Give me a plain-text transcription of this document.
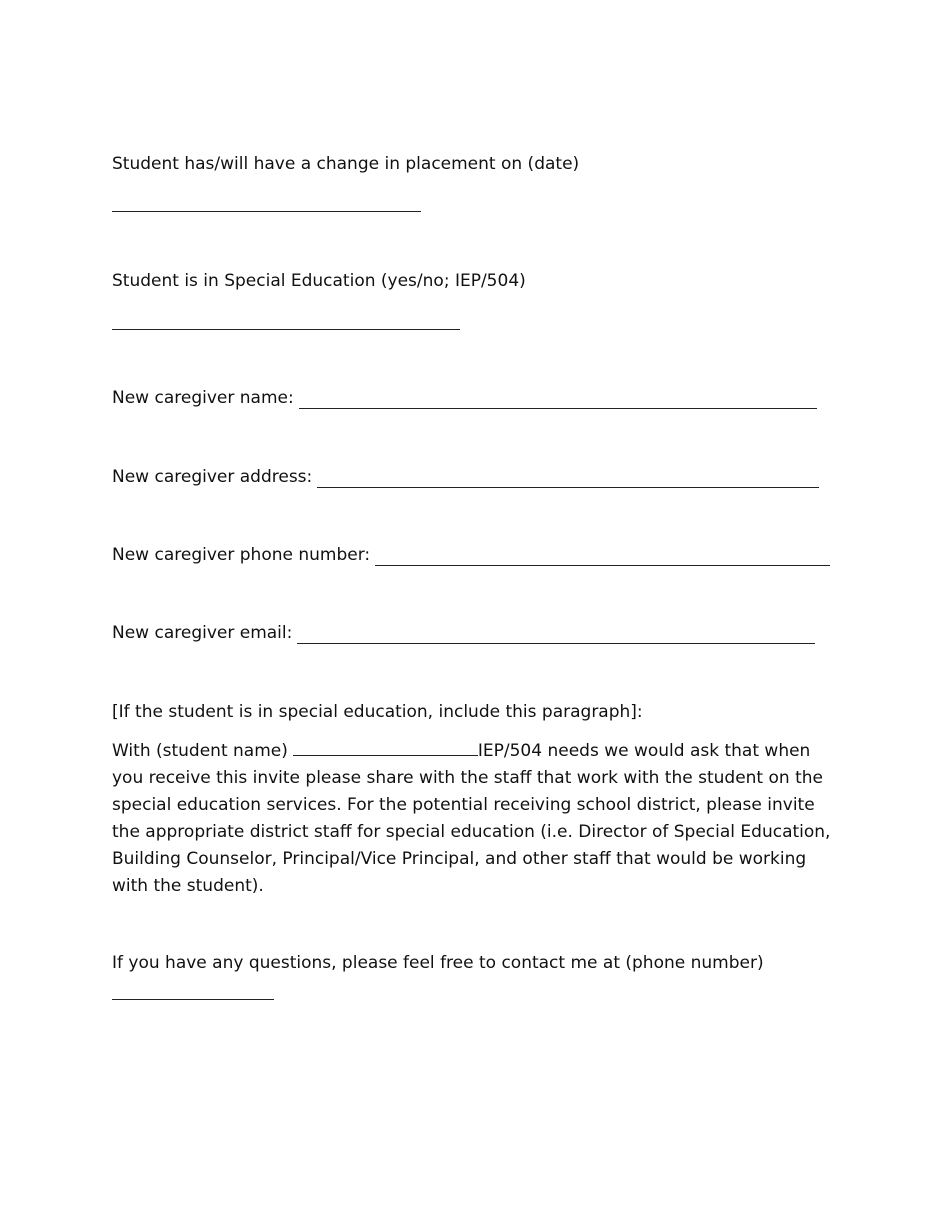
Student has/will have a change in placement on (date)
Student is in Special Education (yes/no; IEP/504)
New caregiver name:
New caregiver address:
New caregiver phone number:
New caregiver email:
[If the student is in special education, include this paragraph]:
With (student name)	IEP/504 needs we would ask that when you receive this invite please share with the staff that work with the student on the special education services. For the potential receiving school district, please invite the appropriate district staff for special education (i.e. Director of Special Education, Building Counselor, Principal/Vice Principal, and other staff that would be working with the student).
If you have any questions, please feel free to contact me at (phone number)
